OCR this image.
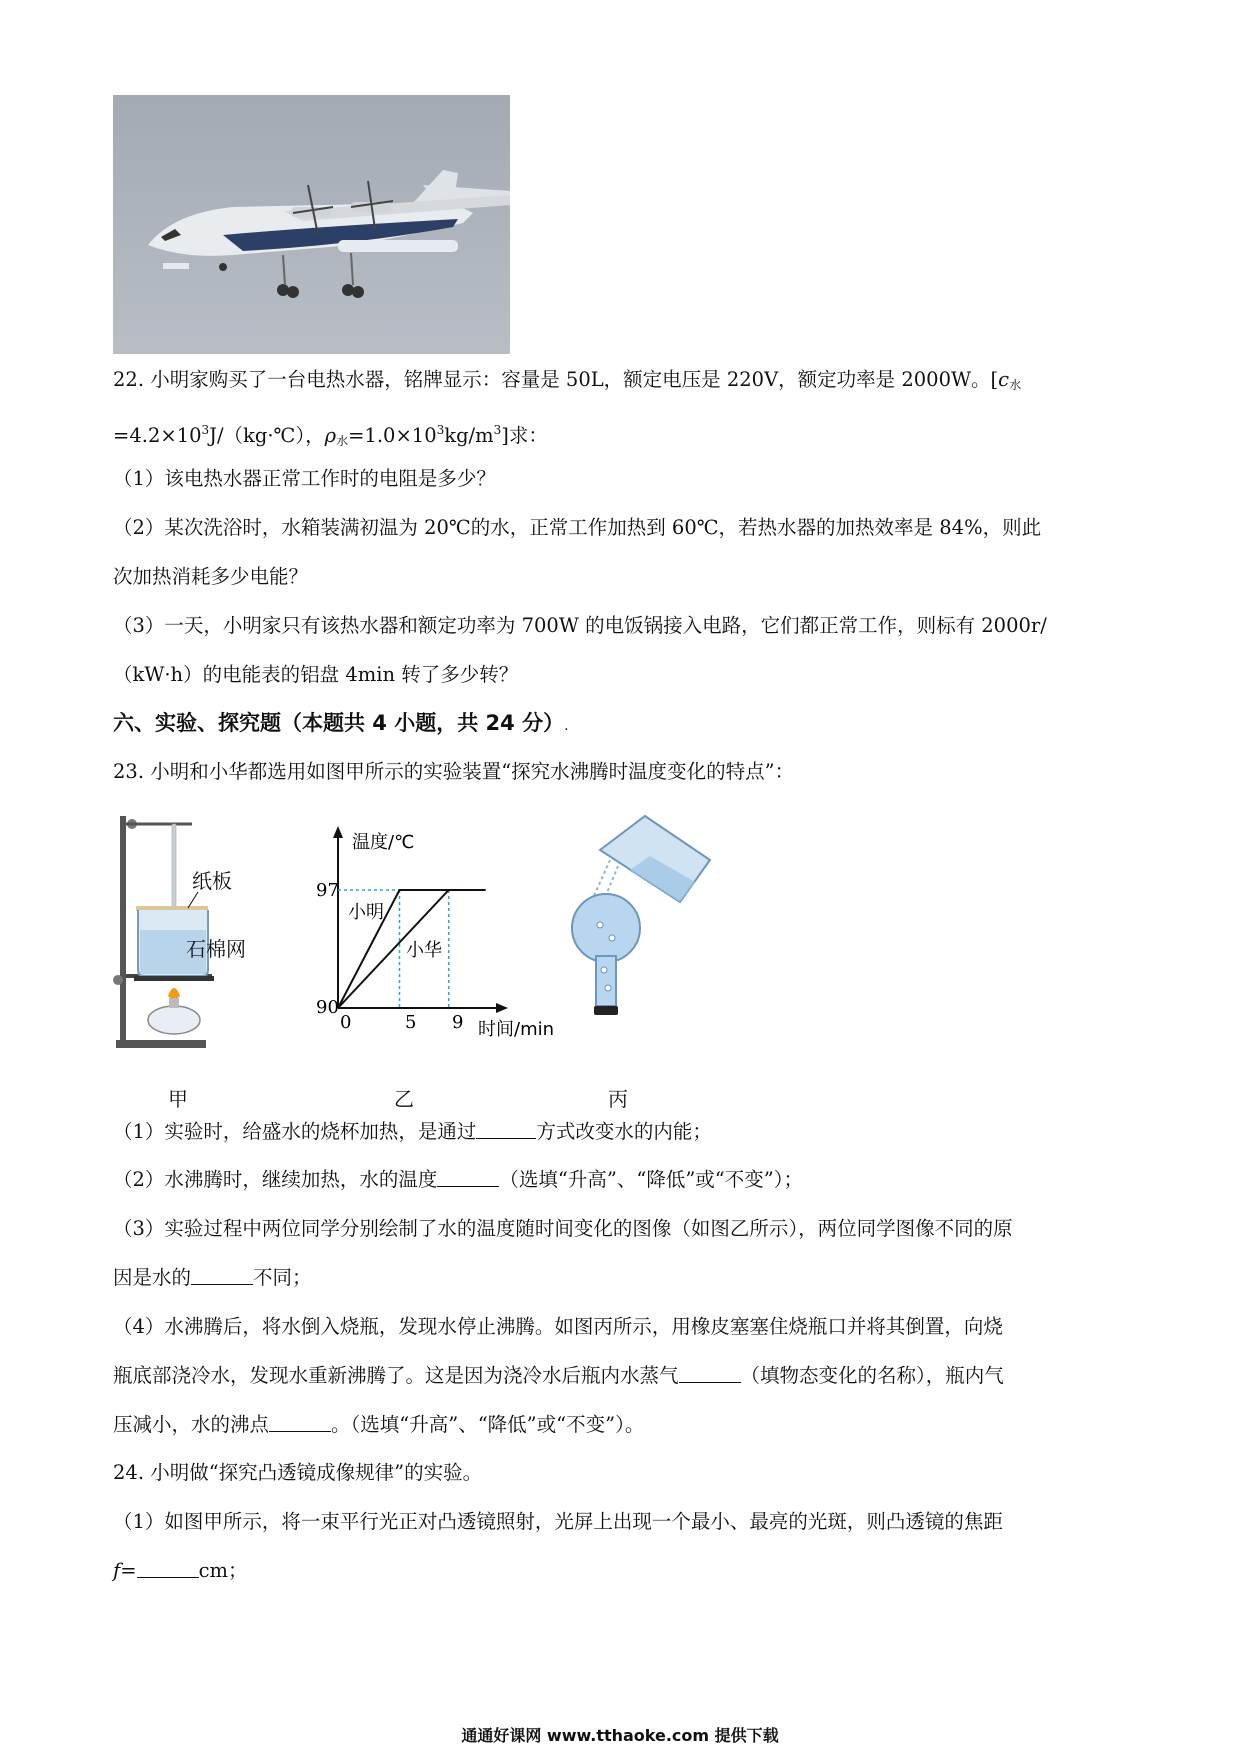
22. 小明家购买了一台电热水器，铭牌显示：容量是 50L，额定电压是 220V，额定功率是 2000W。[$c_水$
$=4.2\times 10^3J/(kg\cdot℃)$，$\rho_水=1.0\times 10^3kg/m^3$]求：
（1）该电热水器正常工作时的电阻是多少？
（2）某次洗浴时，水箱装满初温为 20℃的水，正常工作加热到 60℃，若热水器的加热效率是 84%，则此
次加热消耗多少电能？
（3）一天，小明家只有该热水器和额定功率为 700W 的电饭锅接入电路，它们都正常工作，则标有 2000r/
（kW·h）的电能表的铝盘 4min 转了多少转？
六、实验、探究题（本题共 4 小题，共 24 分）.
23. 小明和小华都选用如图甲所示的实验装置“探究水沸腾时温度变化的特点”：
纸板
石棉网
甲
温度/℃
时间/min
97
90
0	5 9
小明
小华
乙	丙
（1）实验时，给盛水的烧杯加热，是通过	方式改变水的内能；
（2）水沸腾时，继续加热，水的温度	（选填“升高”、“降低”或“不变”）；
（3）实验过程中两位同学分别绘制了水的温度随时间变化的图像（如图乙所示），两位同学图像不同的原
因是水的	不同；
（4）水沸腾后，将水倒入烧瓶，发现水停止沸腾。如图丙所示，用橡皮塞塞住烧瓶口并将其倒置，向烧
瓶底部浇冷水，发现水重新沸腾了。这是因为浇冷水后瓶内水蒸气	（填物态变化的名称），瓶内气
压减小，水的沸点	。（选填“升高”、“降低”或“不变”）。
24. 小明做“探究凸透镜成像规律”的实验。
（1）如图甲所示，将一束平行光正对凸透镜照射，光屏上出现一个最小、最亮的光斑，则凸透镜的焦距
f=	cm；
通通好课网 www.tthaoke.com 提供下载
